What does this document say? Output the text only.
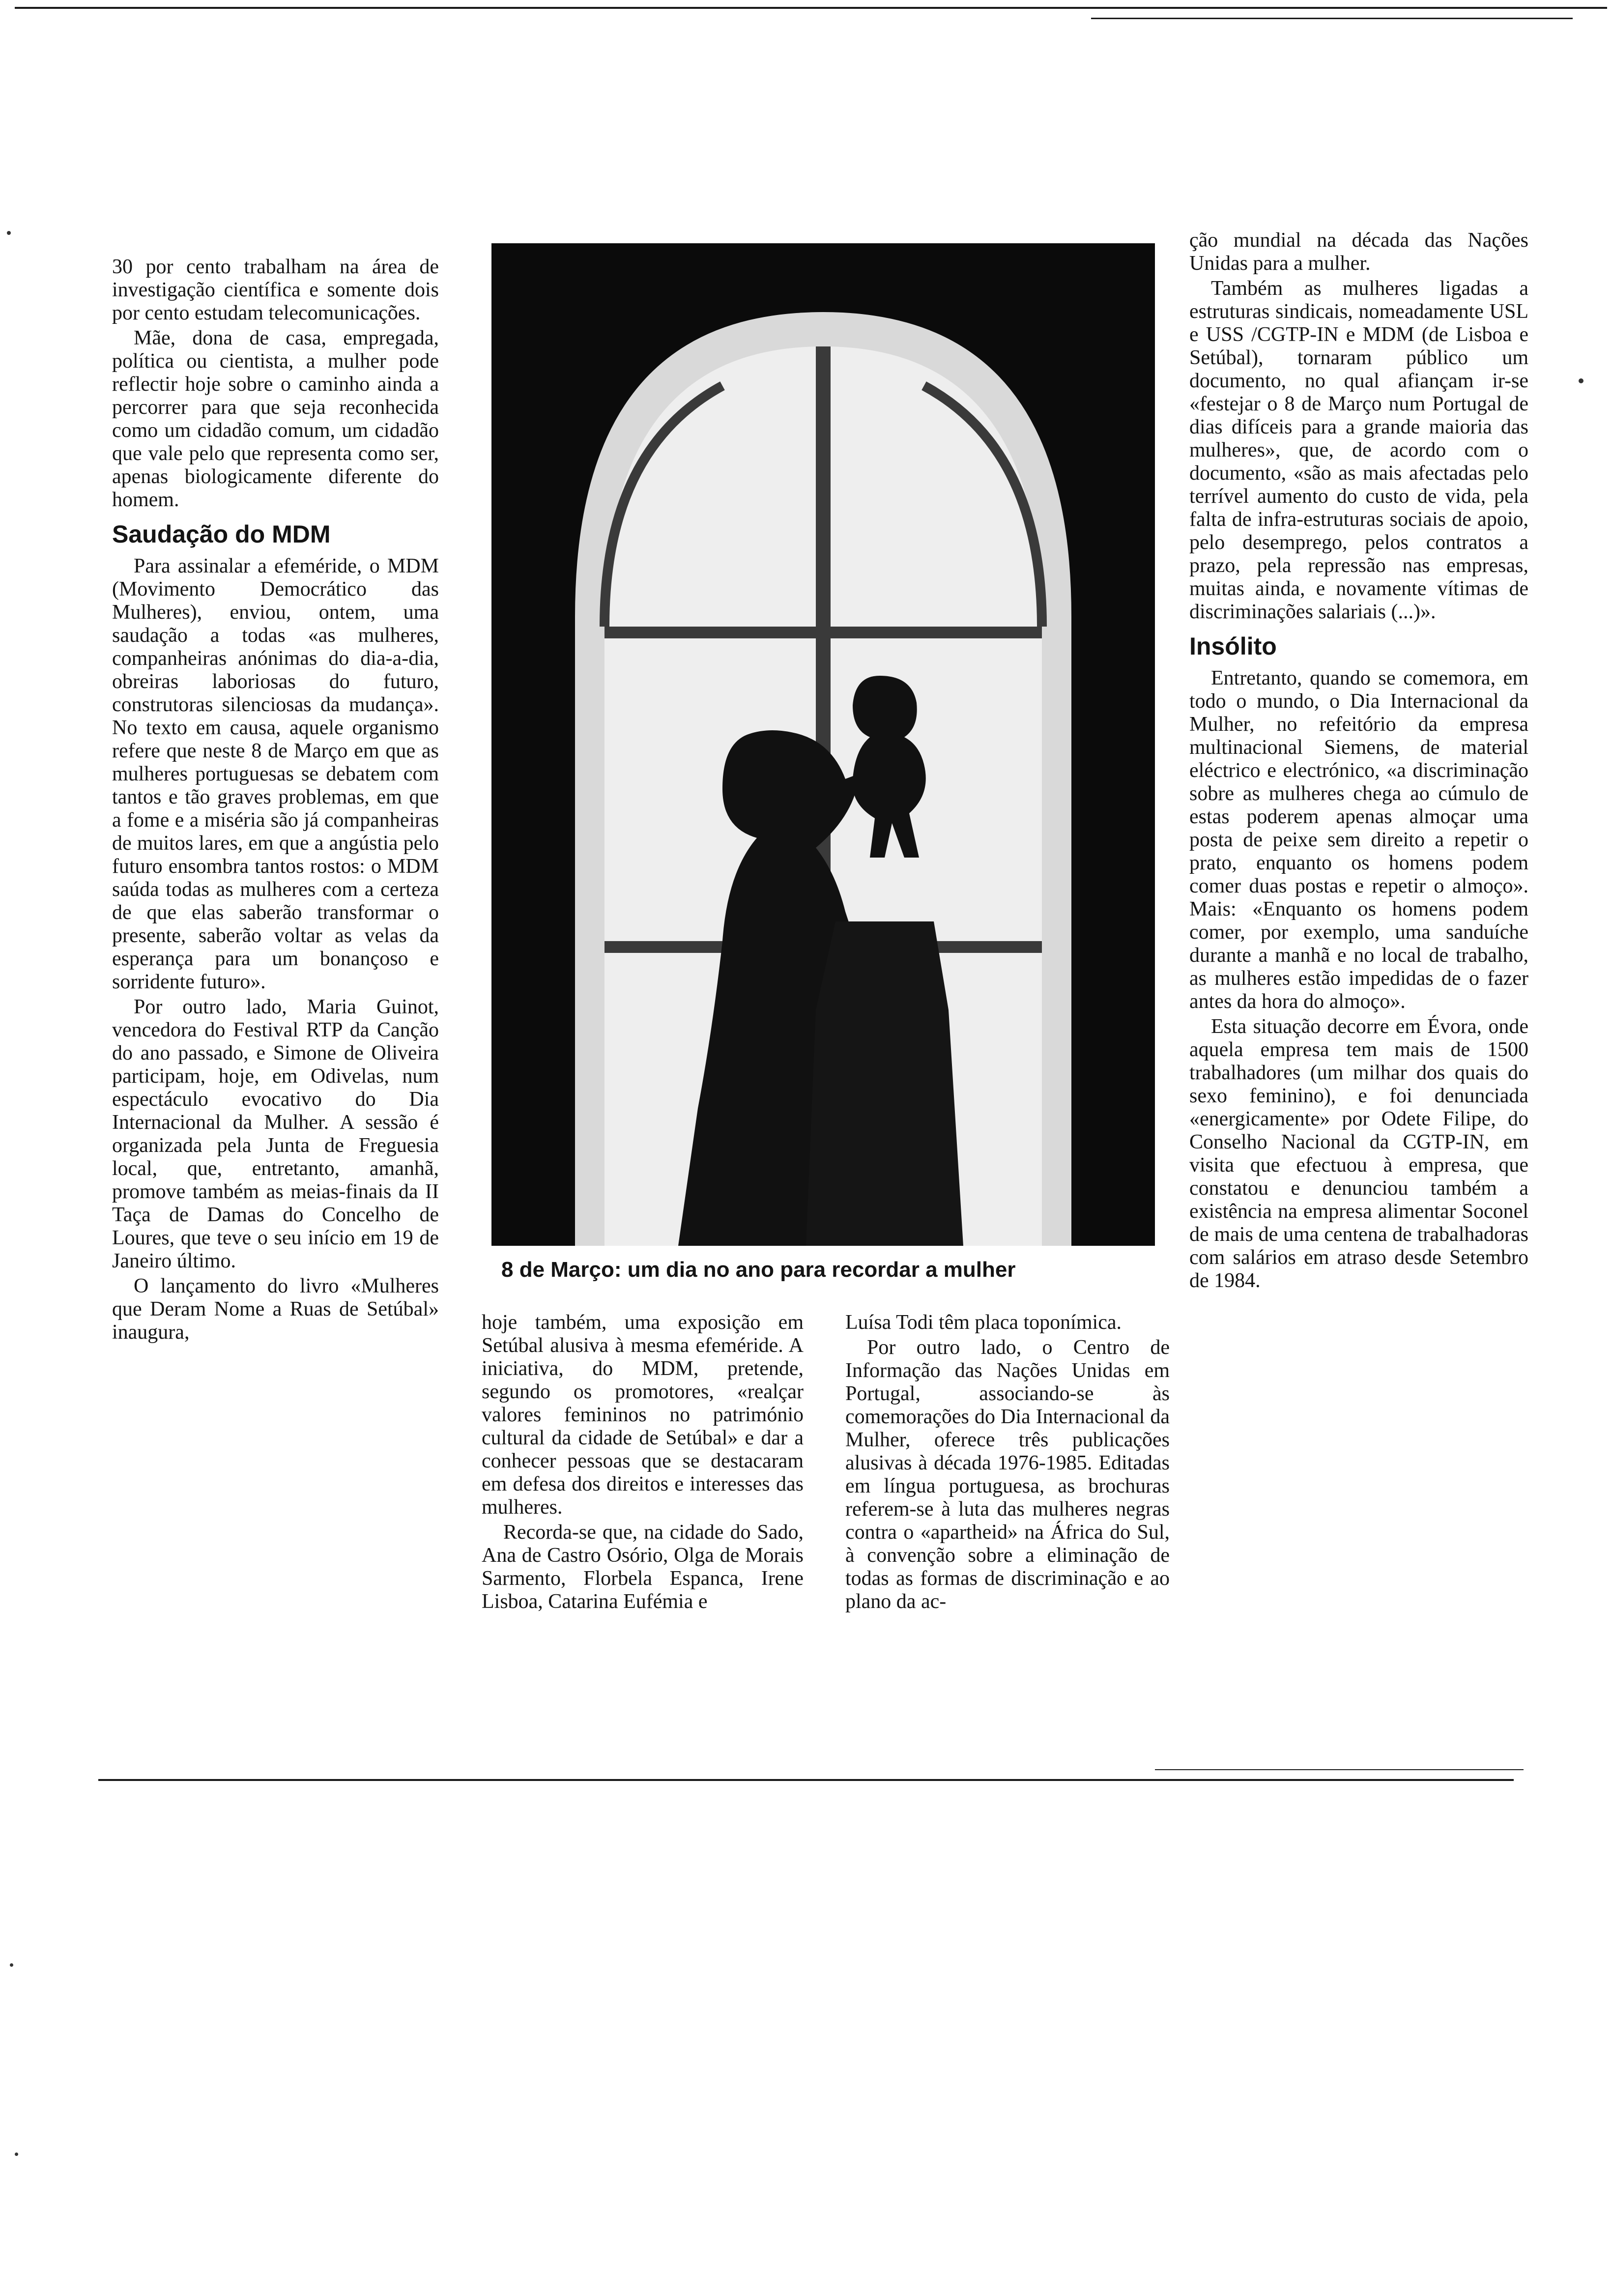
30 por cento trabalham na área de investigação científica e somente dois por cento estudam telecomunicações.

Mãe, dona de casa, empregada, política ou cientista, a mulher pode reflectir hoje sobre o caminho ainda a percorrer para que seja reconhecida como um cidadão comum, um cidadão que vale pelo que representa como ser, apenas biologicamente diferente do homem.

Saudação do MDM

Para assinalar a efeméride, o MDM (Movimento Democrático das Mulheres), enviou, ontem, uma saudação a todas «as mulheres, companheiras anónimas do dia-a-dia, obreiras laboriosas do futuro, construtoras silenciosas da mudança». No texto em causa, aquele organismo refere que neste 8 de Março em que as mulheres portuguesas se debatem com tantos e tão graves problemas, em que a fome e a miséria são já companheiras de muitos lares, em que a angústia pelo futuro ensombra tantos rostos: o MDM saúda todas as mulheres com a certeza de que elas saberão transformar o presente, saberão voltar as velas da esperança para um bonançoso e sorridente futuro».

Por outro lado, Maria Guinot, vencedora do Festival RTP da Canção do ano passado, e Simone de Oliveira participam, hoje, em Odivelas, num espectáculo evocativo do Dia Internacional da Mulher. A sessão é organizada pela Junta de Freguesia local, que, entretanto, amanhã, promove também as meias-finais da II Taça de Damas do Concelho de Loures, que teve o seu início em 19 de Janeiro último.

O lançamento do livro «Mulheres que Deram Nome a Ruas de Setúbal» inaugura,

8 de Março: um dia no ano para recordar a mulher

hoje também, uma exposição em Setúbal alusiva à mesma efeméride. A iniciativa, do MDM, pretende, segundo os promotores, «realçar valores femininos no património cultural da cidade de Setúbal» e dar a conhecer pessoas que se destacaram em defesa dos direitos e interesses das mulheres.

Recorda-se que, na cidade do Sado, Ana de Castro Osório, Olga de Morais Sarmento, Florbela Espanca, Irene Lisboa, Catarina Eufémia e

Luísa Todi têm placa toponímica.

Por outro lado, o Centro de Informação das Nações Unidas em Portugal, associando-se às comemorações do Dia Internacional da Mulher, oferece três publicações alusivas à década 1976-1985. Editadas em língua portuguesa, as brochuras referem-se à luta das mulheres negras contra o «apartheid» na África do Sul, à convenção sobre a eliminação de todas as formas de discriminação e ao plano da ac-

ção mundial na década das Nações Unidas para a mulher.

Também as mulheres ligadas a estruturas sindicais, nomeadamente USL e USS /CGTP-IN e MDM (de Lisboa e Setúbal), tornaram público um documento, no qual afiançam ir-se «festejar o 8 de Março num Portugal de dias difíceis para a grande maioria das mulheres», que, de acordo com o documento, «são as mais afectadas pelo terrível aumento do custo de vida, pela falta de infra-estruturas sociais de apoio, pelo desemprego, pelos contratos a prazo, pela repressão nas empresas, muitas ainda, e novamente vítimas de discriminações salariais (...)».

Insólito

Entretanto, quando se comemora, em todo o mundo, o Dia Internacional da Mulher, no refeitório da empresa multinacional Siemens, de material eléctrico e electrónico, «a discriminação sobre as mulheres chega ao cúmulo de estas poderem apenas almoçar uma posta de peixe sem direito a repetir o prato, enquanto os homens podem comer duas postas e repetir o almoço». Mais: «Enquanto os homens podem comer, por exemplo, uma sanduíche durante a manhã e no local de trabalho, as mulheres estão impedidas de o fazer antes da hora do almoço».

Esta situação decorre em Évora, onde aquela empresa tem mais de 1500 trabalhadores (um milhar dos quais do sexo feminino), e foi denunciada «energicamente» por Odete Filipe, do Conselho Nacional da CGTP-IN, em visita que efectuou à empresa, que constatou e denunciou também a existência na empresa alimentar Soconel de mais de uma centena de trabalhadoras com salários em atraso desde Setembro de 1984.
